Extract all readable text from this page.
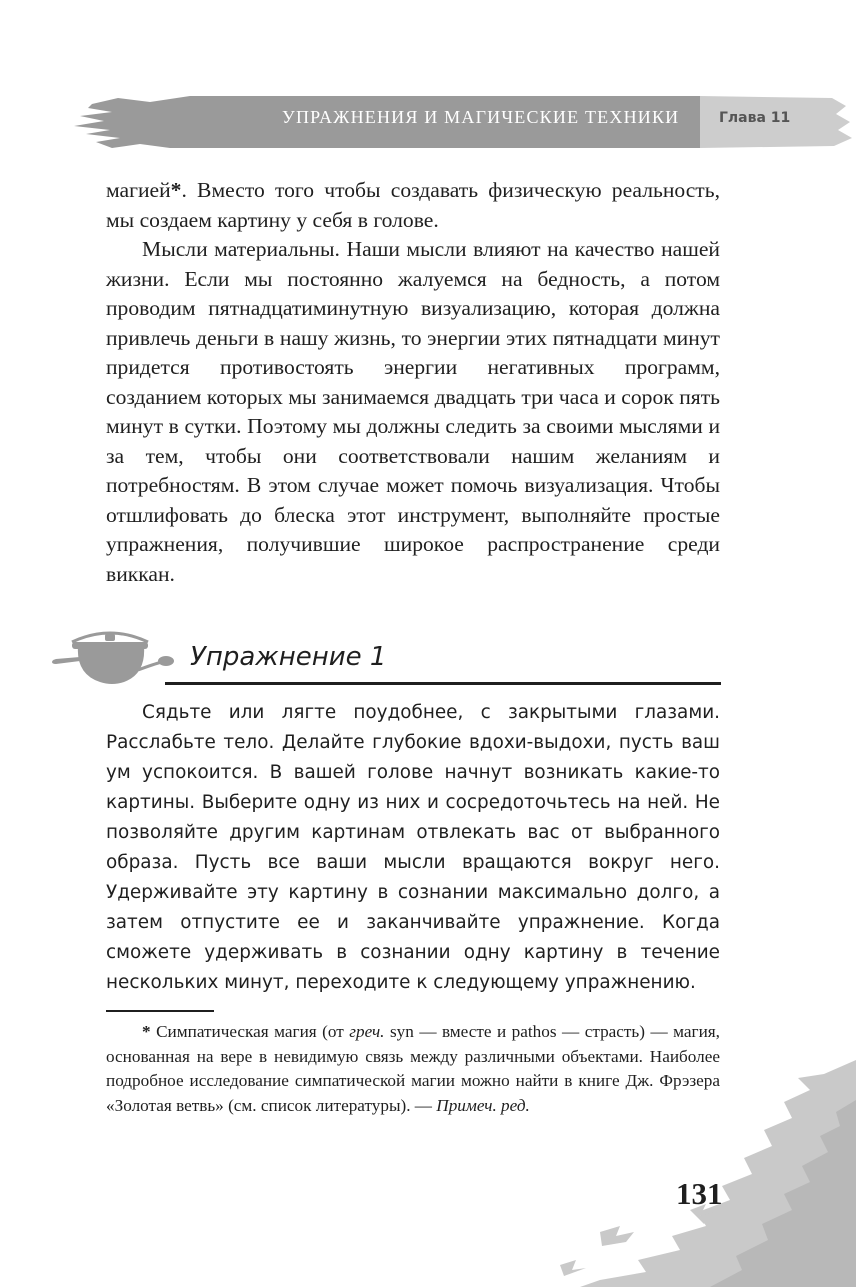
УПРАЖНЕНИЯ И МАГИЧЕСКИЕ ТЕХНИКИ	Глава 11

магией*. Вместо того чтобы создавать физическую реальность, мы создаем картину у себя в голове.

Мысли материальны. Наши мысли влияют на качество нашей жизни. Если мы постоянно жалуемся на бедность, а потом проводим пятнадцатиминутную визуализацию, которая должна привлечь деньги в нашу жизнь, то энергии этих пятнадцати минут придется противостоять энергии негативных программ, созданием которых мы занимаемся двадцать три часа и сорок пять минут в сутки. Поэтому мы должны следить за своими мыслями и за тем, чтобы они соответствовали нашим желаниям и потребностям. В этом случае может помочь визуализация. Чтобы отшлифовать до блеска этот инструмент, выполняйте простые упражнения, получившие широкое распространение среди виккан.

Упражнение 1

Сядьте или лягте поудобнее, с закрытыми глазами. Расслабьте тело. Делайте глубокие вдохи-выдохи, пусть ваш ум успокоится. В вашей голове начнут возникать какие-то картины. Выберите одну из них и сосредоточьтесь на ней. Не позволяйте другим картинам отвлекать вас от выбранного образа. Пусть все ваши мысли вращаются вокруг него. Удерживайте эту картину в сознании максимально долго, а затем отпустите ее и заканчивайте упражнение. Когда сможете удерживать в сознании одну картину в течение нескольких минут, переходите к следующему упражнению.

* Симпатическая магия (от греч. syn — вместе и pathos — страсть) — магия, основанная на вере в невидимую связь между различными объектами. Наиболее подробное исследование симпатической магии можно найти в книге Дж. Фрэзера «Золотая ветвь» (см. список литературы). — Примеч. ред.

131
